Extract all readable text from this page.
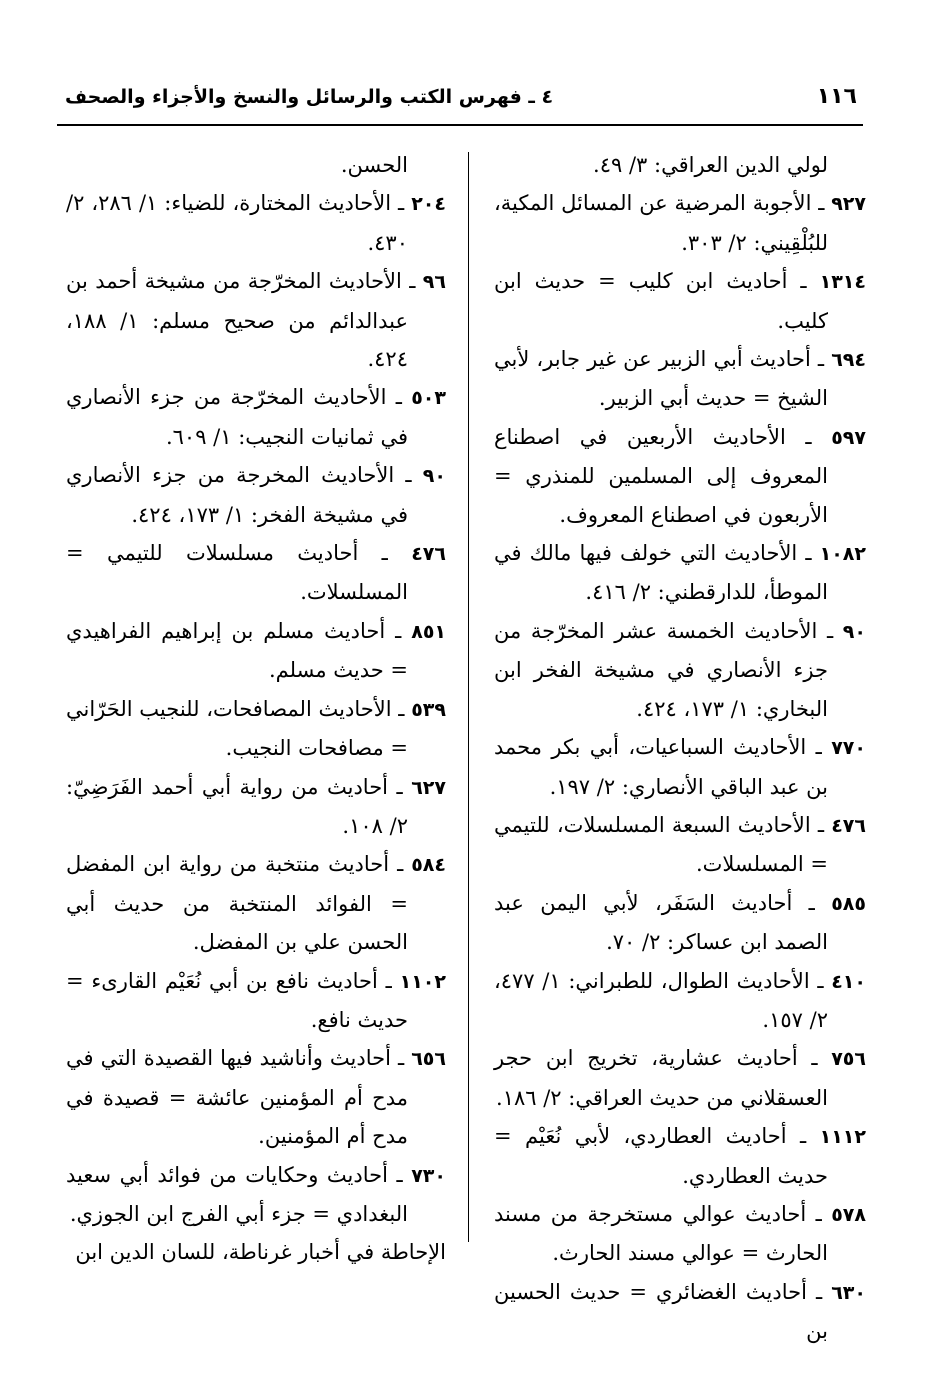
١١٦
٤ ـ فهرس الكتب والرسائل والنسخ والأجزاء والصحف

لولي الدين العراقي: ٣/ ٤٩.

٩٢٧ ـ الأجوبة المرضية عن المسائل المكية، للبُلْقِيني: ٢/ ٣٠٣.

١٣١٤ ـ أحاديث ابن كليب = حديث ابن كليب.

٦٩٤ ـ أحاديث أبي الزبير عن غير جابر، لأبي الشيخ = حديث أبي الزبير.

٥٩٧ ـ الأحاديث الأربعين في اصطناع المعروف إلى المسلمين للمنذري = الأربعون في اصطناع المعروف.

١٠٨٢ ـ الأحاديث التي خولف فيها مالك في الموطأ، للدارقطني: ٢/ ٤١٦.

٩٠ ـ الأحاديث الخمسة عشر المخرّجة من جزء الأنصاري في مشيخة الفخر ابن البخاري: ١/ ١٧٣، ٤٢٤.

٧٧٠ ـ الأحاديث السباعيات، أبي بكر محمد بن عبد الباقي الأنصاري: ٢/ ١٩٧.

٤٧٦ ـ الأحاديث السبعة المسلسلات، للتيمي = المسلسلات.

٥٨٥ ـ أحاديث السَفَر، لأبي اليمن عبد الصمد ابن عساكر: ٢/ ٧٠.

٤١٠ ـ الأحاديث الطوال، للطبراني: ١/ ٤٧٧، ٢/ ١٥٧.

٧٥٦ ـ أحاديث عشارية، تخريج ابن حجر العسقلاني من حديث العراقي: ٢/ ١٨٦.

١١١٢ ـ أحاديث العطاردي، لأبي نُعَيْم = حديث العطاردي.

٥٧٨ ـ أحاديث عوالي مستخرجة من مسند الحارث = عوالي مسند الحارث.

٦٣٠ ـ أحاديث الغضائري = حديث الحسين بن

الحسن.

٢٠٤ ـ الأحاديث المختارة، للضياء: ١/ ٢٨٦، ٢/ ٤٣٠.

٩٦ ـ الأحاديث المخرّجة من مشيخة أحمد بن عبدالدائم من صحيح مسلم: ١/ ١٨٨، ٤٢٤.

٥٠٣ ـ الأحاديث المخرّجة من جزء الأنصاري في ثمانيات النجيب: ١/ ٦٠٩.

٩٠ ـ الأحاديث المخرجة من جزء الأنصاري في مشيخة الفخر: ١/ ١٧٣، ٤٢٤.

٤٧٦ ـ أحاديث مسلسلات للتيمي = المسلسلات.

٨٥١ ـ أحاديث مسلم بن إبراهيم الفراهيدي = حديث مسلم.

٥٣٩ ـ الأحاديث المصافحات، للنجيب الحَرّاني = مصافحات النجيب.

٦٢٧ ـ أحاديث من رواية أبي أحمد الفَرَضِيّ: ٢/ ١٠٨.

٥٨٤ ـ أحاديث منتخبة من رواية ابن المفضل = الفوائد المنتخبة من حديث أبي الحسن علي بن المفضل.

١١٠٢ ـ أحاديث نافع بن أبي نُعَيْم القارىء = حديث نافع.

٦٥٦ ـ أحاديث وأناشيد فيها القصيدة التي في مدح أم المؤمنين عائشة = قصيدة في مدح أم المؤمنين.

٧٣٠ ـ أحاديث وحكايات من فوائد أبي سعيد البغدادي = جزء أبي الفرج ابن الجوزي.

الإحاطة في أخبار غرناطة، للسان الدين ابن
